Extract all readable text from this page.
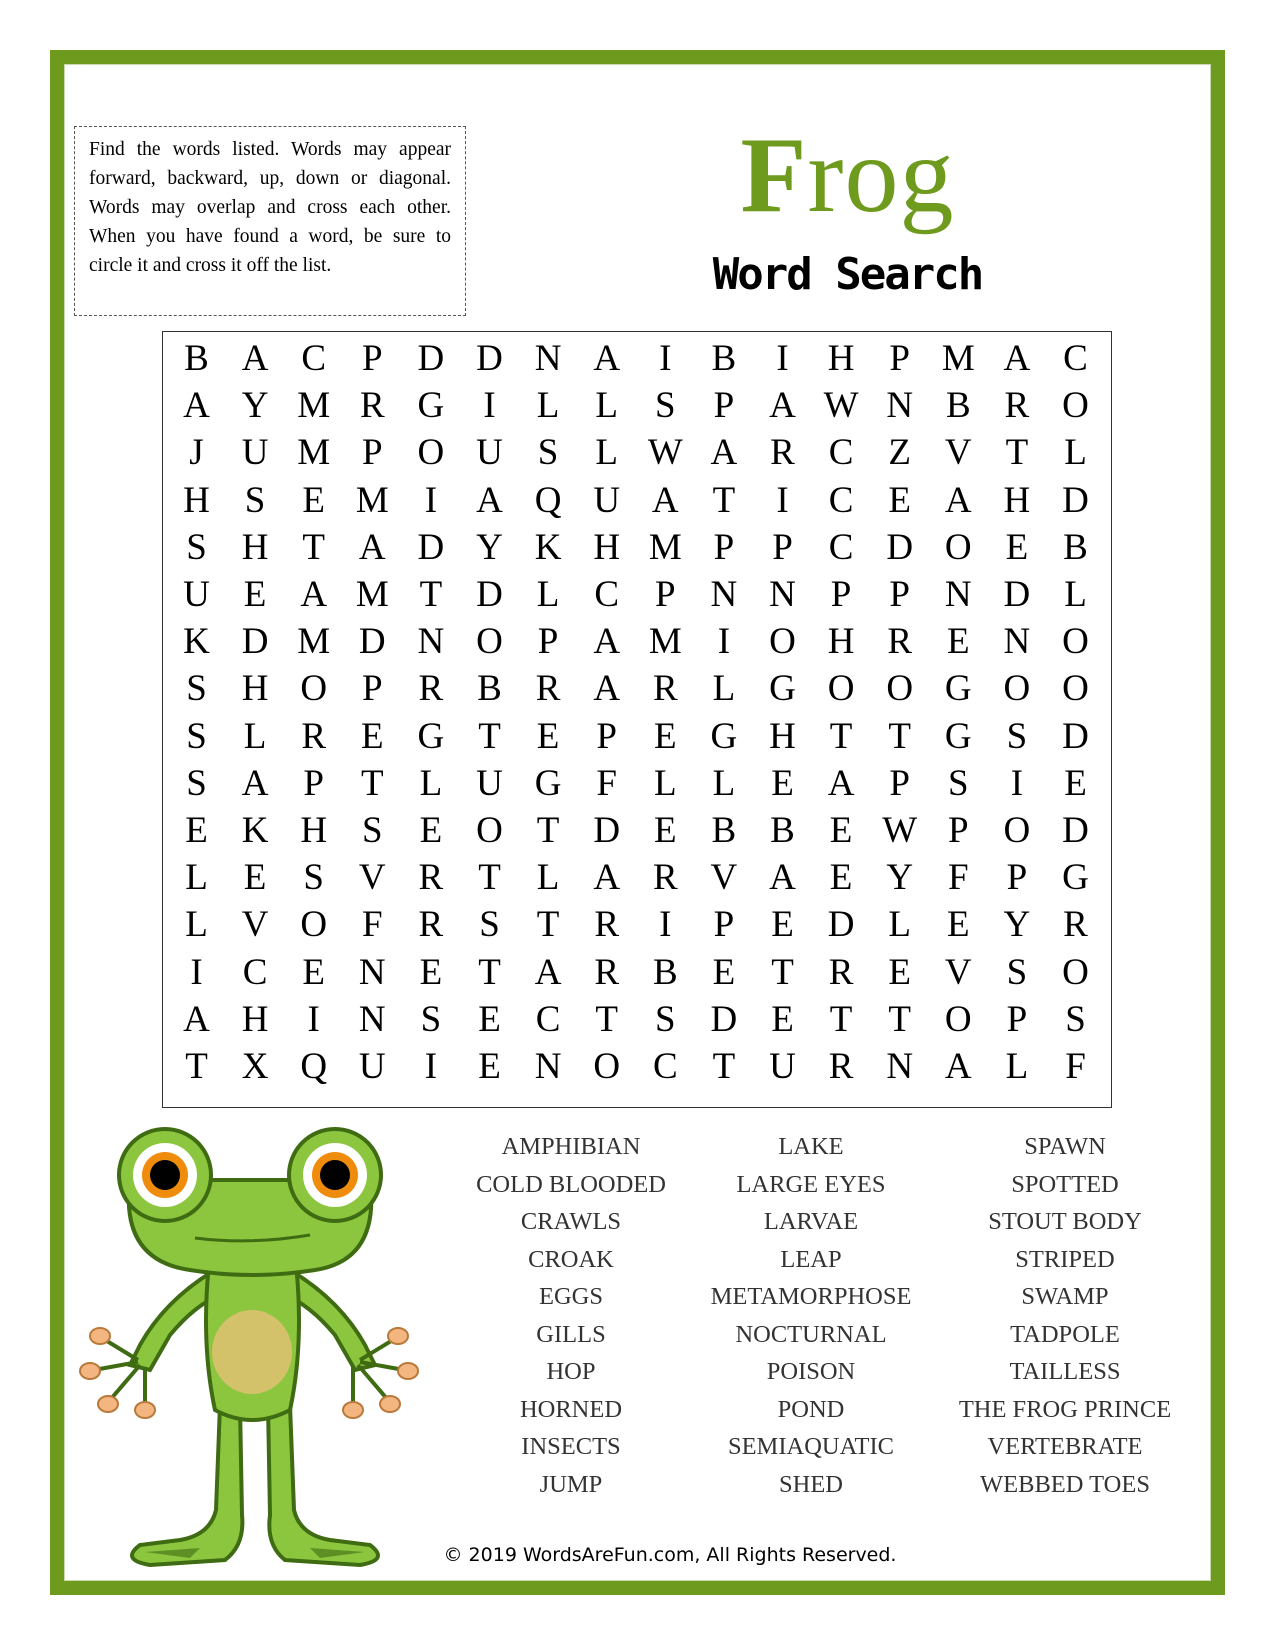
Find the words listed. Words may appear forward, backward, up, down or diagonal. Words may overlap and cross each other. When you have found a word, be sure to circle it and cross it off the list.
Frog
Word Search
B A C P D D N A	I	B	I	H P M A C
A Y M R G	I	L L	S	P A W N B R O
J	U M P O U S	L W A R C Z V T L
H S	E M I	A Q U A T	I	C E A H D
S H T A D Y K H M P	P C D O E B
U E A M T D L C P N N P	P N D L
K D M D N O P A M I	O H R E N O
S H O P R B R A R L G O O G O O
S	L R E G T E	P	E G H T T G S D
S A P	T L U G F	L L E A P	S	I	E
E K H S	E O T D E B B E W P O D
L E	S V R T L A R V A E Y F	P G
L V O F R S	T R	I	P	E D L E Y R
I	C E N E T A R B E T R E V S O
A H	I	N S	E C T	S D E T T O P	S
T X Q U	I	E N O C T U R N A L	F
AMPHIBIAN
COLD BLOODED
CRAWLS
CROAK
EGGS
GILLS
HOP
HORNED
INSECTS
JUMP
LAKE
LARGE EYES
LARVAE
LEAP
METAMORPHOSE
NOCTURNAL
POISON
POND
SEMIAQUATIC
SHED
SPAWN
SPOTTED
STOUT BODY
STRIPED
SWAMP
TADPOLE
TAILLESS
THE FROG PRINCE
VERTEBRATE
WEBBED TOES
© 2019 WordsAreFun.com, All Rights Reserved.
